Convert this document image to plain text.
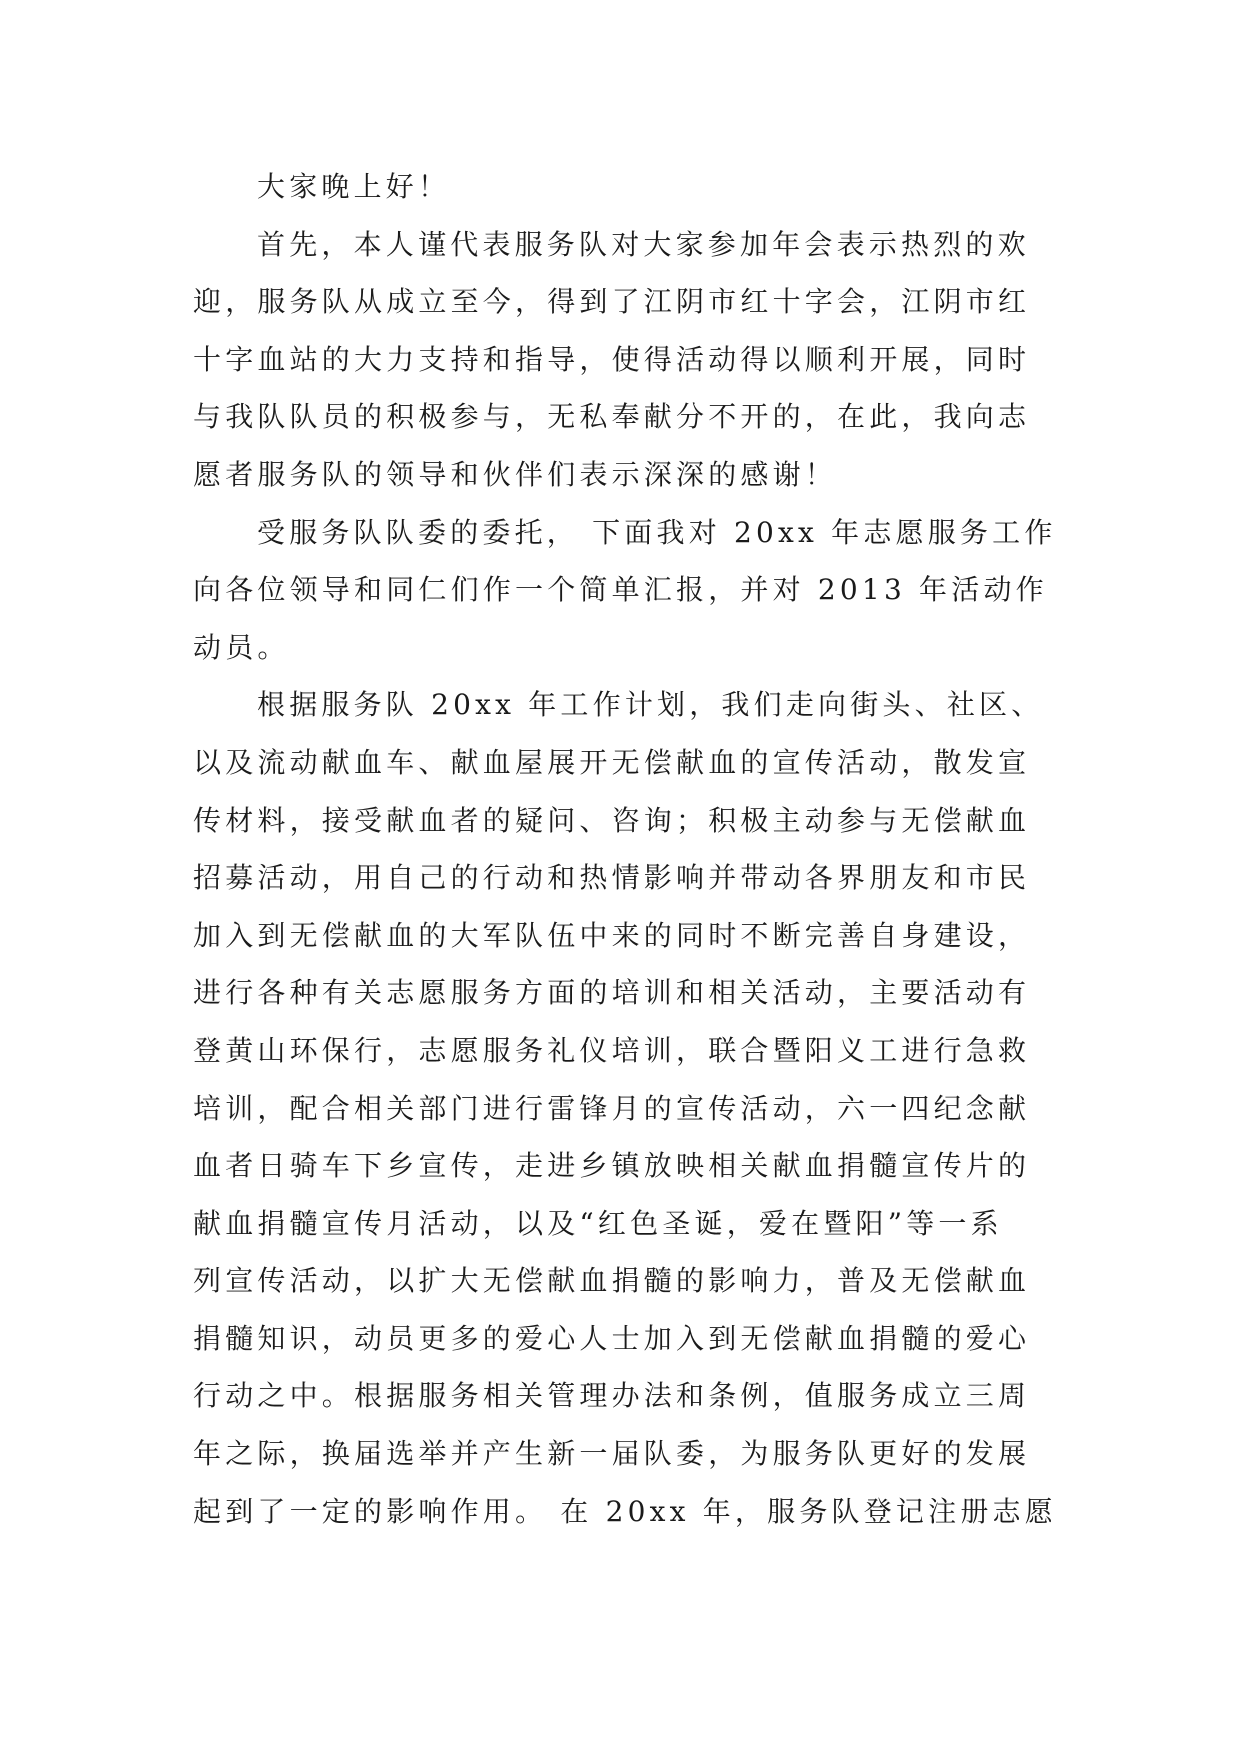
大家晚上好！
首先，本人谨代表服务队对大家参加年会表示热烈的欢
迎，服务队从成立至今，得到了江阴市红十字会，江阴市红
十字血站的大力支持和指导，使得活动得以顺利开展，同时
与我队队员的积极参与，无私奉献分不开的，在此，我向志
愿者服务队的领导和伙伴们表示深深的感谢！
受服务队队委的委托， 下面我对 20xx 年志愿服务工作
向各位领导和同仁们作一个简单汇报，并对 2013 年活动作
动员。
根据服务队 20xx 年工作计划，我们走向街头、社区、
以及流动献血车、献血屋展开无偿献血的宣传活动，散发宣
传材料，接受献血者的疑问、咨询；积极主动参与无偿献血
招募活动，用自己的行动和热情影响并带动各界朋友和市民
加入到无偿献血的大军队伍中来的同时不断完善自身建设，
进行各种有关志愿服务方面的培训和相关活动，主要活动有
登黄山环保行，志愿服务礼仪培训，联合暨阳义工进行急救
培训，配合相关部门进行雷锋月的宣传活动，六一四纪念献
血者日骑车下乡宣传，走进乡镇放映相关献血捐髓宣传片的
献血捐髓宣传月活动，以及“红色圣诞，爱在暨阳”等一系
列宣传活动，以扩大无偿献血捐髓的影响力，普及无偿献血
捐髓知识，动员更多的爱心人士加入到无偿献血捐髓的爱心
行动之中。根据服务相关管理办法和条例，值服务成立三周
年之际，换届选举并产生新一届队委，为服务队更好的发展
起到了一定的影响作用。 在 20xx 年，服务队登记注册志愿
